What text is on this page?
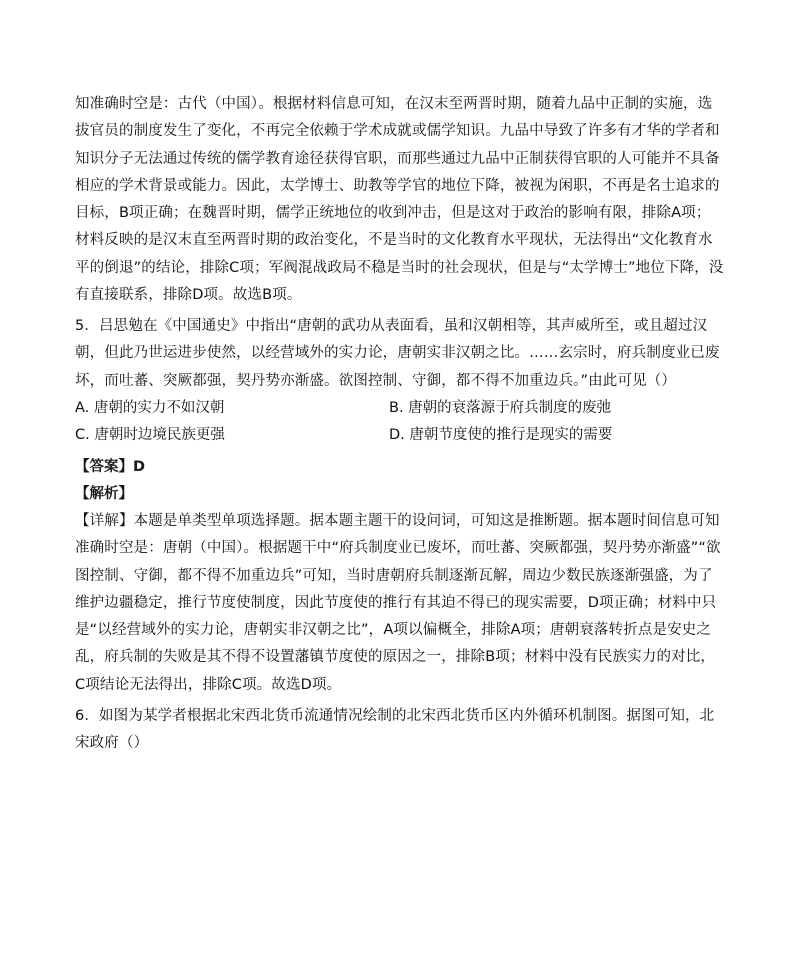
知准确时空是：古代（中国）。根据材料信息可知，在汉末至两晋时期，随着九品中正制的实施，选拔官员的制度发生了变化，不再完全依赖于学术成就或儒学知识。九品中导致了许多有才华的学者和知识分子无法通过传统的儒学教育途径获得官职，而那些通过九品中正制获得官职的人可能并不具备相应的学术背景或能力。因此，太学博士、助教等学官的地位下降，被视为闲职，不再是名士追求的目标，B项正确；在魏晋时期，儒学正统地位的收到冲击，但是这对于政治的影响有限，排除A项；材料反映的是汉末直至两晋时期的政治变化，不是当时的文化教育水平现状，无法得出“文化教育水平的倒退”的结论，排除C项；军阀混战政局不稳是当时的社会现状，但是与“太学博士”地位下降，没有直接联系，排除D项。故选B项。
5．吕思勉在《中国通史》中指出“唐朝的武功从表面看，虽和汉朝相等，其声威所至，或且超过汉朝，但此乃世运进步使然，以经营域外的实力论，唐朝实非汉朝之比。……玄宗时，府兵制度业已废坏，而吐蕃、突厥都强，契丹势亦渐盛。欲图控制、守御，都不得不加重边兵。”由此可见（）
A. 唐朝的实力不如汉朝	B. 唐朝的衰落源于府兵制度的废弛
C. 唐朝时边境民族更强	D. 唐朝节度使的推行是现实的需要
【答案】D
【解析】
【详解】本题是单类型单项选择题。据本题主题干的设问词，可知这是推断题。据本题时间信息可知准确时空是：唐朝（中国）。根据题干中“府兵制度业已废坏，而吐蕃、突厥都强，契丹势亦渐盛”“欲图控制、守御，都不得不加重边兵”可知，当时唐朝府兵制逐渐瓦解，周边少数民族逐渐强盛，为了维护边疆稳定，推行节度使制度，因此节度使的推行有其迫不得已的现实需要，D项正确；材料中只是“以经营域外的实力论，唐朝实非汉朝之比”，A项以偏概全，排除A项；唐朝衰落转折点是安史之乱，府兵制的失败是其不得不设置藩镇节度使的原因之一，排除B项；材料中没有民族实力的对比，C项结论无法得出，排除C项。故选D项。
6．如图为某学者根据北宋西北货币流通情况绘制的北宋西北货币区内外循环机制图。据图可知，北宋政府（）
